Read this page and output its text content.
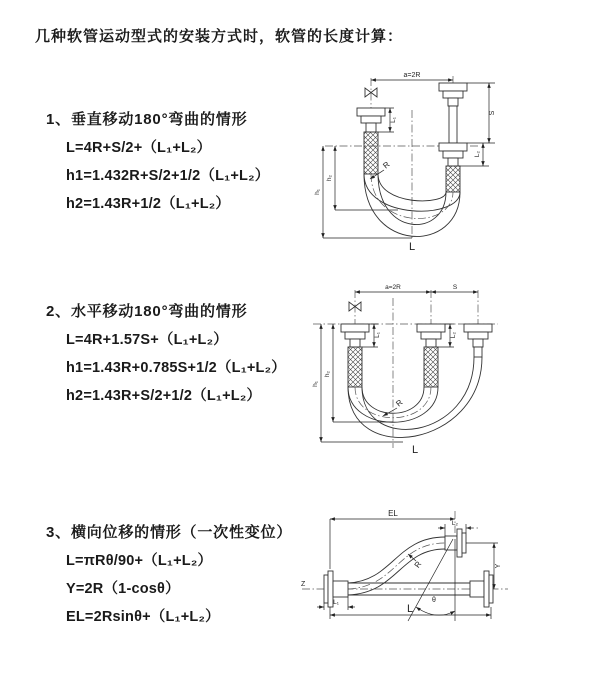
几种软管运动型式的安装方式时，软管的长度计算：
1、垂直移动180°弯曲的情形
L=4R+S/2+（L₁+L₂）
h1=1.432R+S/2+1/2（L₁+L₂）
h2=1.43R+1/2（L₁+L₂）
2、水平移动180°弯曲的情形
L=4R+1.57S+（L₁+L₂）
h1=1.43R+0.785S+1/2（L₁+L₂）
h2=1.43R+S/2+1/2（L₁+L₂）
3、横向位移的情形（一次性变位）
L=πRθ/90+（L₁+L₂）
Y=2R（1-cosθ）
EL=2Rsinθ+（L₁+L₂）
a=2R
h₁
h₂
L₁
S
L₂
R
L
a=2R	S
h₁
h₂
L₁	L₂
R
L
Z
EL
L₂
Y
θ
R
L₁
L
